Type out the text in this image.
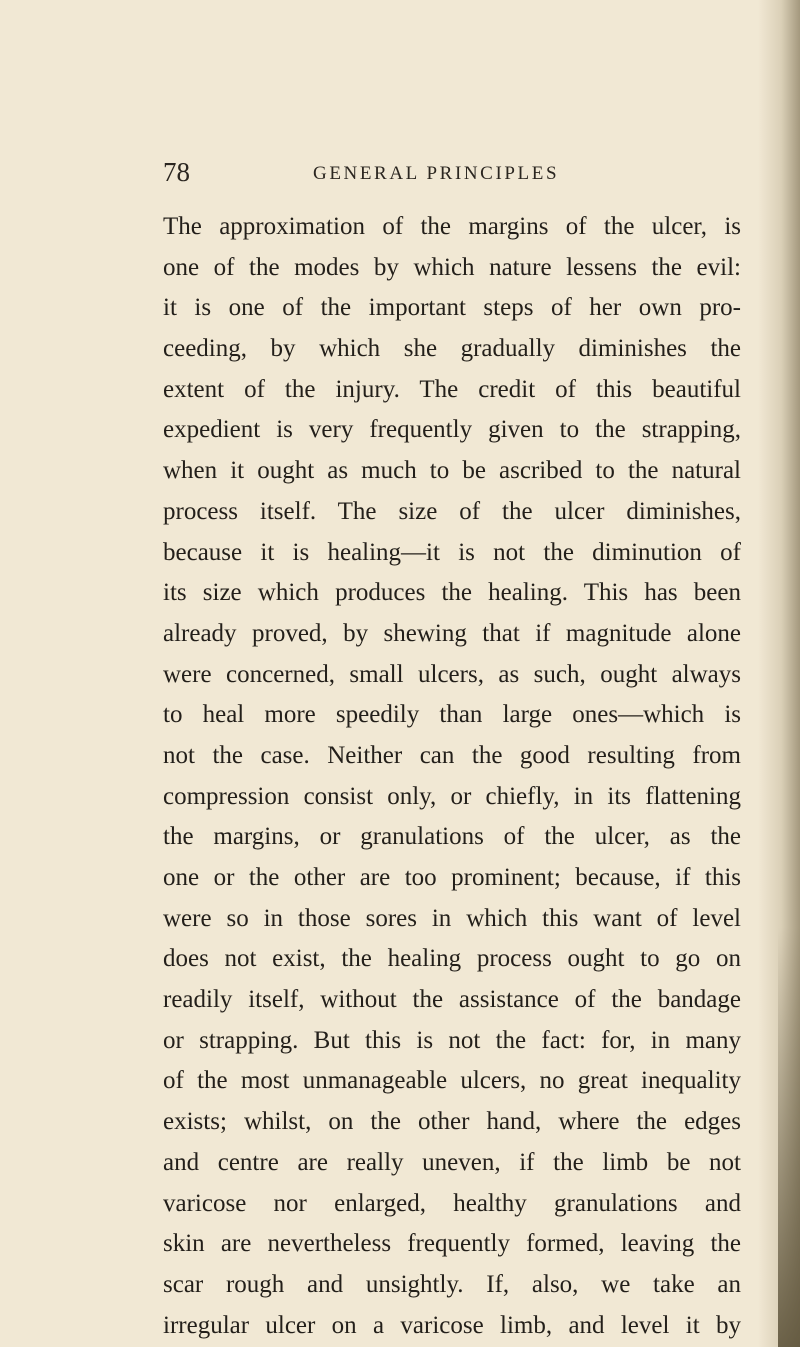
78	GENERAL PRINCIPLES

The approximation of the margins of the ulcer, is
one of the modes by which nature lessens the evil:
it is one of the important steps of her own pro-
ceeding, by which she gradually diminishes the
extent of the injury. The credit of this beautiful
expedient is very frequently given to the strapping,
when it ought as much to be ascribed to the natural
process itself. The size of the ulcer diminishes,
because it is healing—it is not the diminution of
its size which produces the healing. This has been
already proved, by shewing that if magnitude alone
were concerned, small ulcers, as such, ought always
to heal more speedily than large ones—which is
not the case. Neither can the good resulting from
compression consist only, or chiefly, in its flattening
the margins, or granulations of the ulcer, as the
one or the other are too prominent; because, if this
were so in those sores in which this want of level
does not exist, the healing process ought to go on
readily itself, without the assistance of the bandage
or strapping. But this is not the fact: for, in many
of the most unmanageable ulcers, no great inequality
exists; whilst, on the other hand, where the edges
and centre are really uneven, if the limb be not
varicose nor enlarged, healthy granulations and
skin are nevertheless frequently formed, leaving the
scar rough and unsightly. If, also, we take an
irregular ulcer on a varicose limb, and level it by
